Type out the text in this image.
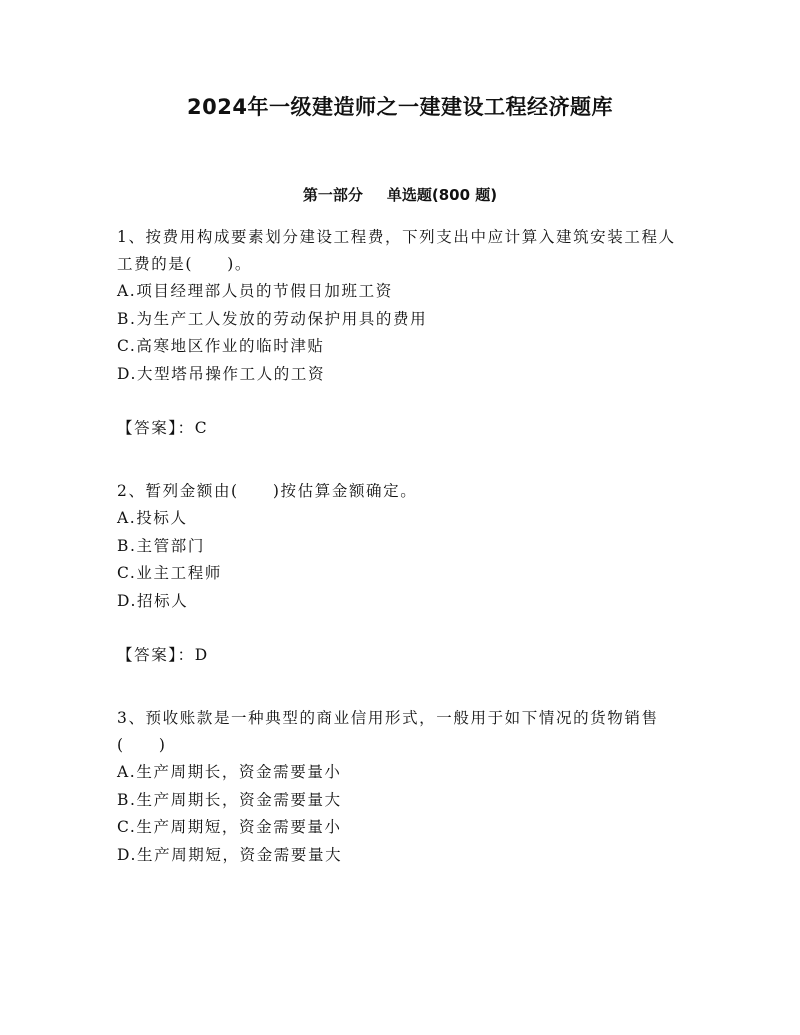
2024年一级建造师之一建建设工程经济题库
第一部分 单选题(800 题)

1、按费用构成要素划分建设工程费，下列支出中应计算入建筑安装工程人工费的是(　　)。

A.项目经理部人员的节假日加班工资

B.为生产工人发放的劳动保护用具的费用

C.高寒地区作业的临时津贴

D.大型塔吊操作工人的工资

【答案】：C

2、暂列金额由(　　)按估算金额确定。

A.投标人

B.主管部门

C.业主工程师

D.招标人

【答案】：D

3、预收账款是一种典型的商业信用形式，一般用于如下情况的货物销售(　　)

A.生产周期长，资金需要量小

B.生产周期长，资金需要量大

C.生产周期短，资金需要量小

D.生产周期短，资金需要量大
